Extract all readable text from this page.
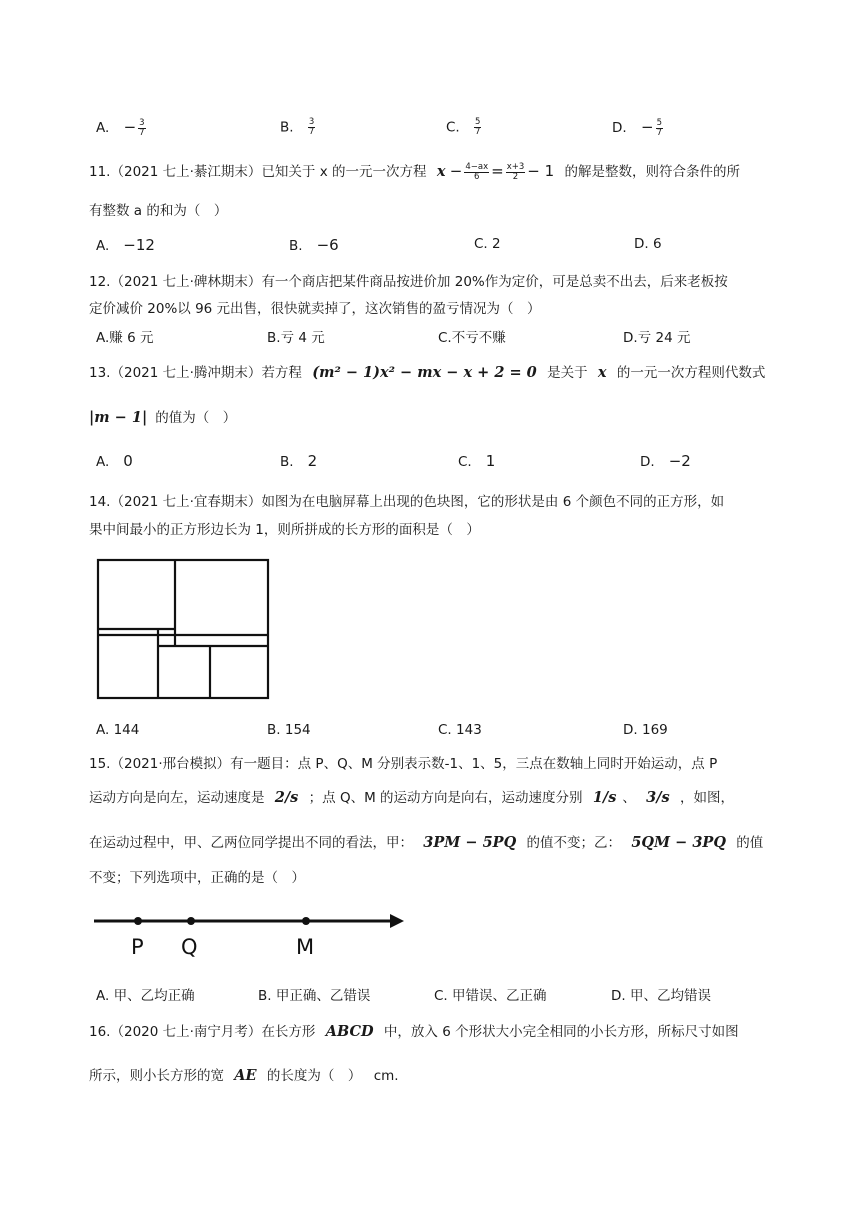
A. − $\frac{3}{7}$	B. $\frac{3}{7}$	C. $\frac{5}{7}$	D. − $\frac{5}{7}$
11.（2021 七上·綦江期末）已知关于 x 的一元一次方程 $x - \frac{4-ax}{6} = \frac{x+3}{2} - 1$ 的解是整数，则符合条件的所
有整数 a 的和为（　）
A. −12	B. −6	C. 2	D. 6
12.（2021 七上·碑林期末）有一个商店把某件商品按进价加 20%作为定价，可是总卖不出去，后来老板按
定价减价 20%以 96 元出售，很快就卖掉了，这次销售的盈亏情况为（　）
A.赚 6 元	B.亏 4 元	C.不亏不赚	D.亏 24 元
13.（2021 七上·腾冲期末）若方程 (m² − 1)x² − mx − x + 2 = 0 是关于 x 的一元一次方程则代数式
|m − 1| 的值为（　）
A. 0	B. 2	C. 1	D. −2
14.（2021 七上·宜春期末）如图为在电脑屏幕上出现的色块图，它的形状是由 6 个颜色不同的正方形，如
果中间最小的正方形边长为 1，则所拼成的长方形的面积是（　）
A. 144	B. 154	C. 143	D. 169
15.（2021·邢台模拟）有一题目：点 P、Q、M 分别表示数-1、1、5，三点在数轴上同时开始运动，点 P
运动方向是向左，运动速度是 2/s ；点 Q、M 的运动方向是向右，运动速度分别 1/s 、 3/s ，如图，
在运动过程中，甲、乙两位同学提出不同的看法，甲： 3PM − 5PQ 的值不变；乙： 5QM − 3PQ 的值
不变；下列选项中，正确的是（　）
P Q	M
A. 甲、乙均正确	B. 甲正确、乙错误	C. 甲错误、乙正确	D. 甲、乙均错误
16.（2020 七上·南宁月考）在长方形 ABCD 中，放入 6 个形状大小完全相同的小长方形，所标尺寸如图
所示，则小长方形的宽 AE 的长度为（　） cm.
